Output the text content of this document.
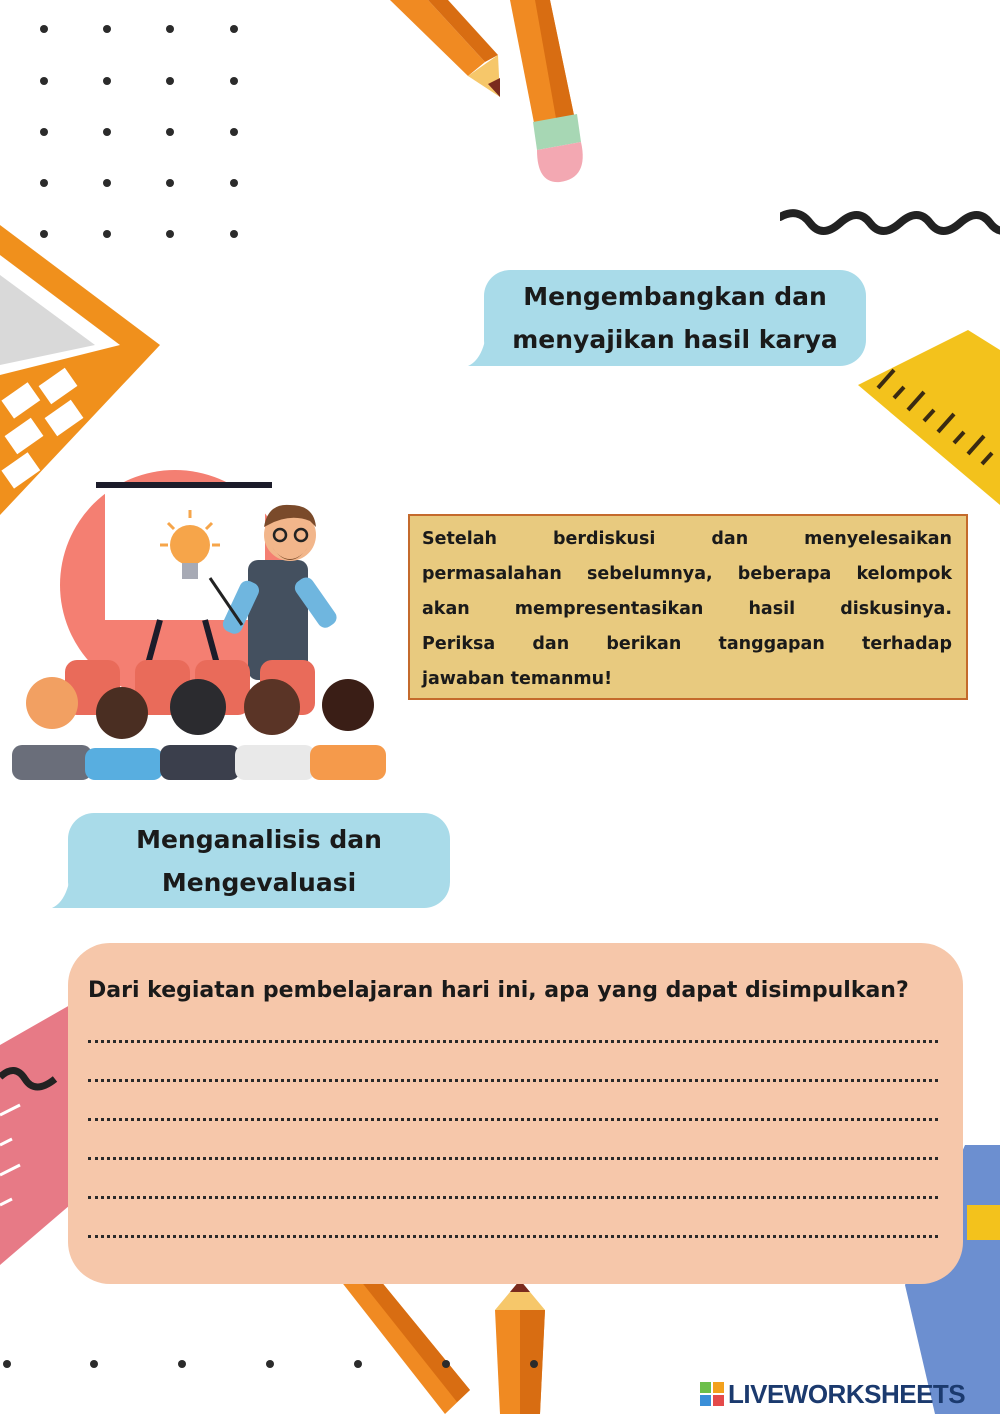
Mengembangkan dan
menyajikan hasil karya
Setelah berdiskusi dan menyelesaikan
permasalahan sebelumnya, beberapa kelompok
akan mempresentasikan hasil diskusinya.
Periksa dan berikan tanggapan terhadap
jawaban temanmu!
Menganalisis dan
Mengevaluasi
Dari kegiatan pembelajaran hari ini, apa yang dapat disimpulkan?
LIVEWORKSHEETS
